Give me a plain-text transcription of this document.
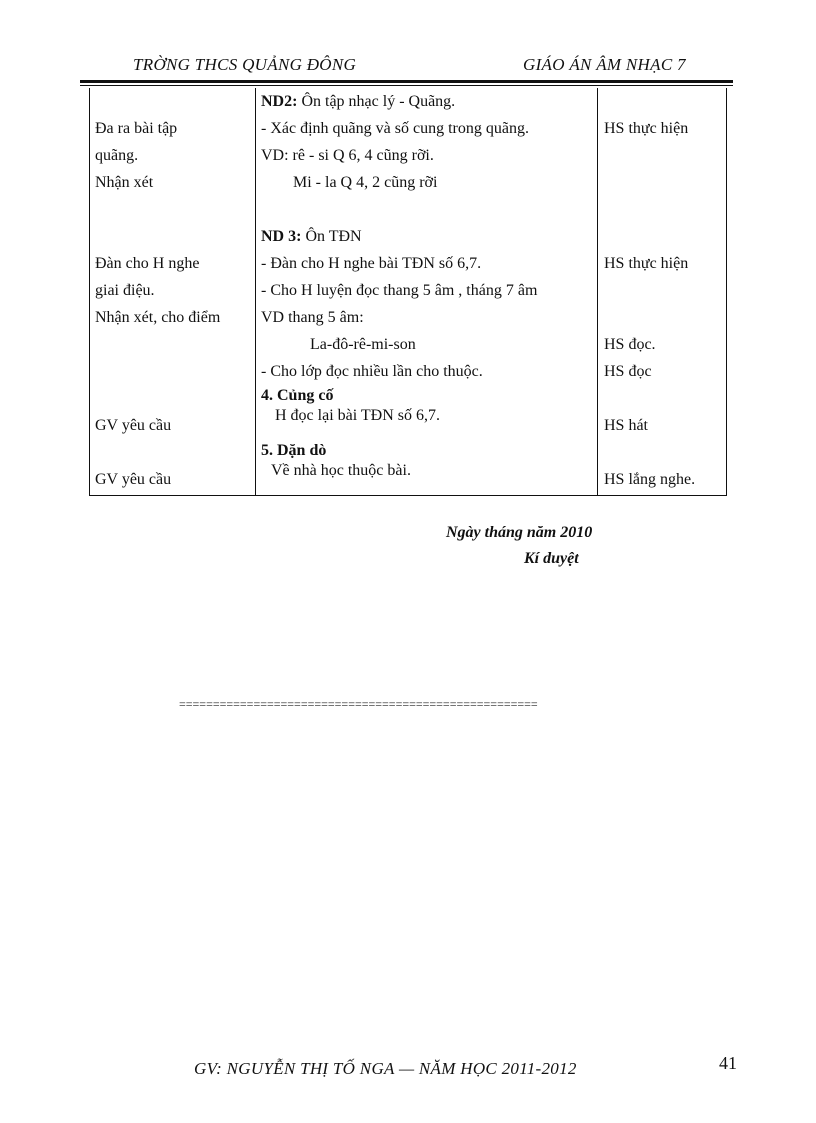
TRỜNG THCS QUẢNG ĐÔNG	GIÁO ÁN ÂM NHẠC 7
Đa ra bài tập
quãng.
Nhận xét
Đàn cho H nghe
giai điệu.
Nhận xét, cho điểm
GV yêu cầu
GV yêu cầu
ND2: Ôn tập nhạc lý - Quãng.
- Xác định quãng và số cung trong quãng.
VD: rê - si Q 6, 4 cũng rỡi.
Mi - la Q 4, 2 cũng rỡi
ND 3: Ôn TĐN
- Đàn cho H nghe bài TĐN số 6,7.
- Cho H luyện đọc thang 5 âm , tháng 7 âm
VD thang 5 âm:
La-đô-rê-mi-son
- Cho lớp đọc nhiều lần cho thuộc.
4. Củng cố
H đọc lại bài TĐN số 6,7.
5. Dặn dò
Về nhà học thuộc bài.
HS thực hiện
HS thực hiện
HS đọc.
HS đọc
HS hát
HS lắng nghe.
Ngày tháng năm 2010
Kí duyệt
=====================================================
GV: NGUYỄN THỊ TỐ NGA — NĂM HỌC 2011-2012	41
